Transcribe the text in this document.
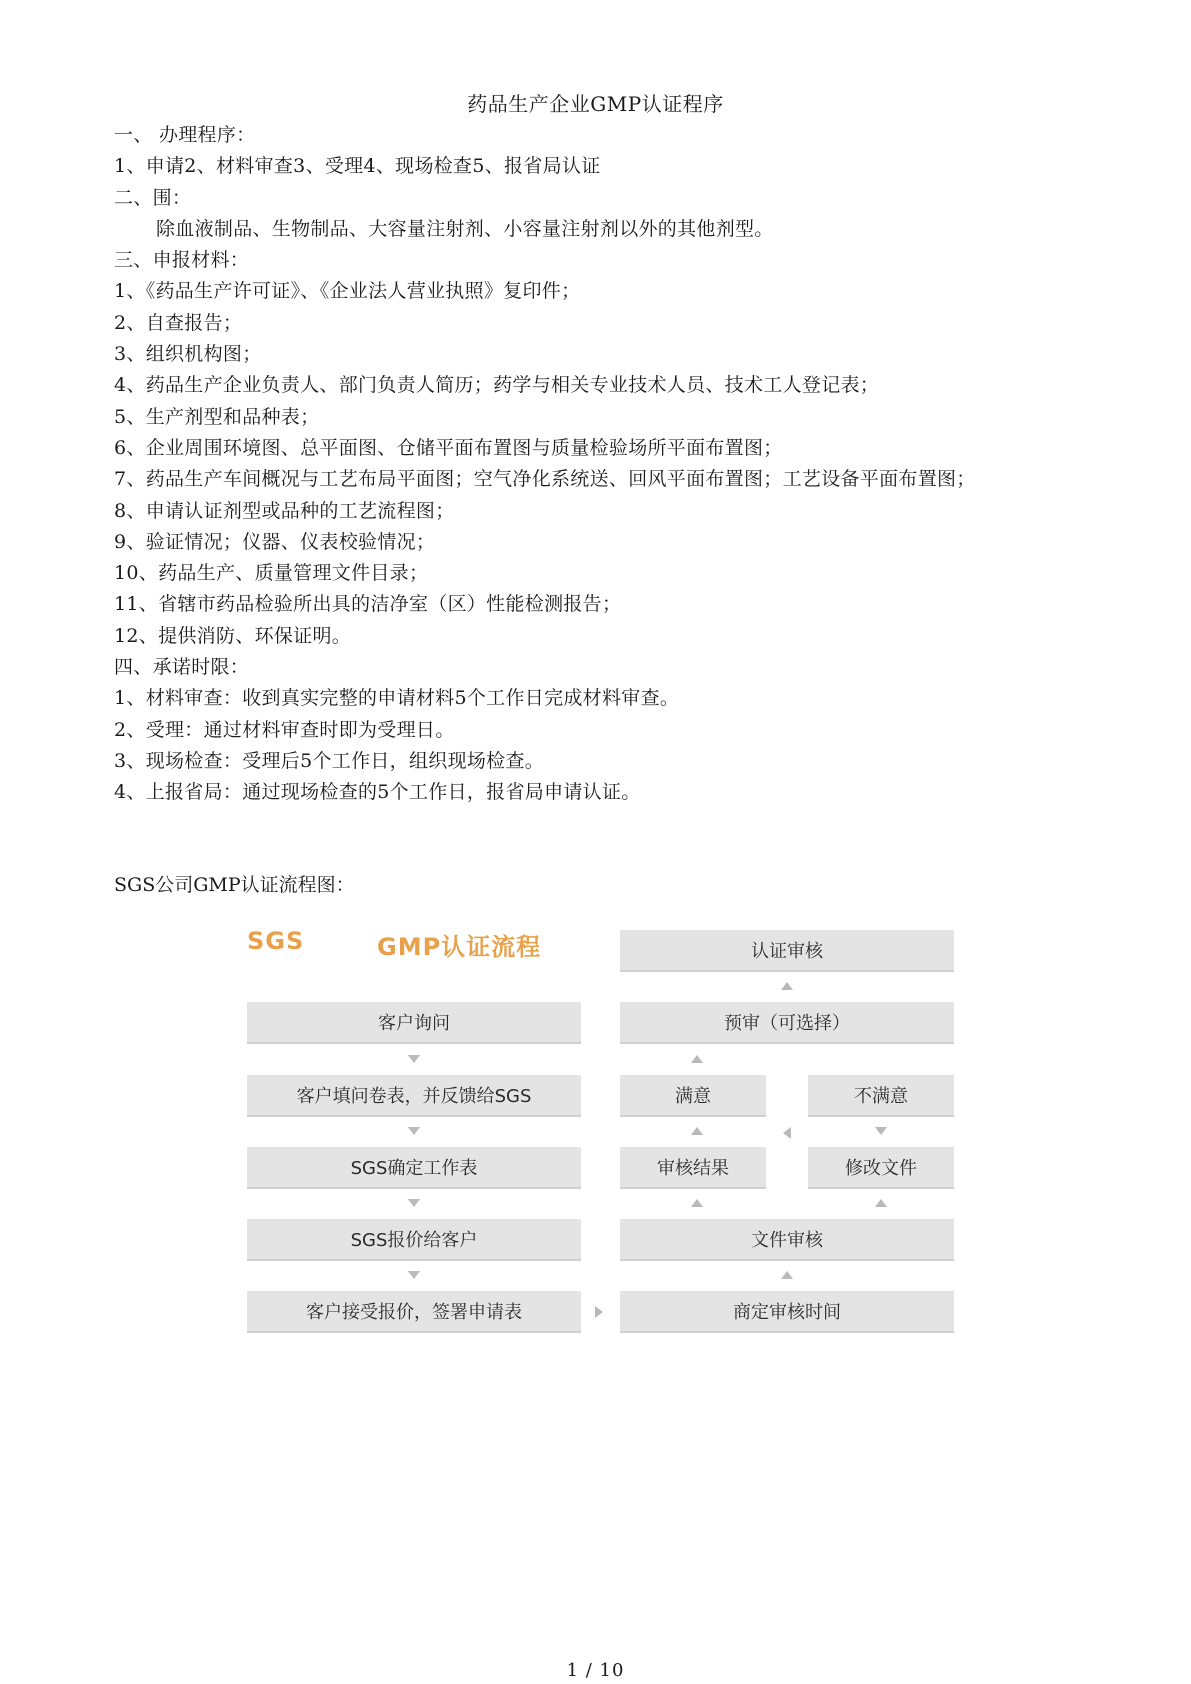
药品生产企业GMP认证程序
一、 办理程序：
1、申请2、材料审查3、受理4、现场检查5、报省局认证
二、围：
除血液制品、生物制品、大容量注射剂、小容量注射剂以外的其他剂型。
三、申报材料：
1、《药品生产许可证》、《企业法人营业执照》复印件；
2、自查报告；
3、组织机构图；
4、药品生产企业负责人、部门负责人简历；药学与相关专业技术人员、技术工人登记表；
5、生产剂型和品种表；
6、企业周围环境图、总平面图、仓储平面布置图与质量检验场所平面布置图；
7、药品生产车间概况与工艺布局平面图；空气净化系统送、回风平面布置图；工艺设备平面布置图；
8、申请认证剂型或品种的工艺流程图；
9、验证情况；仪器、仪表校验情况；
10、药品生产、质量管理文件目录；
11、省辖市药品检验所出具的洁净室（区）性能检测报告；
12、提供消防、环保证明。
四、承诺时限：
1、材料审查：收到真实完整的申请材料5个工作日完成材料审查。
2、受理：通过材料审查时即为受理日。
3、现场检查：受理后5个工作日，组织现场检查。
4、上报省局：通过现场检查的5个工作日，报省局申请认证。
SGS公司GMP认证流程图：
SGS	GMP认证流程
客户询问
客户填问卷表，并反馈给SGS
SGS确定工作表
SGS报价给客户
客户接受报价，签署申请表
认证审核
预审（可选择）
满意	不满意
审核结果	修改文件
文件审核
商定审核时间
1 / 10
